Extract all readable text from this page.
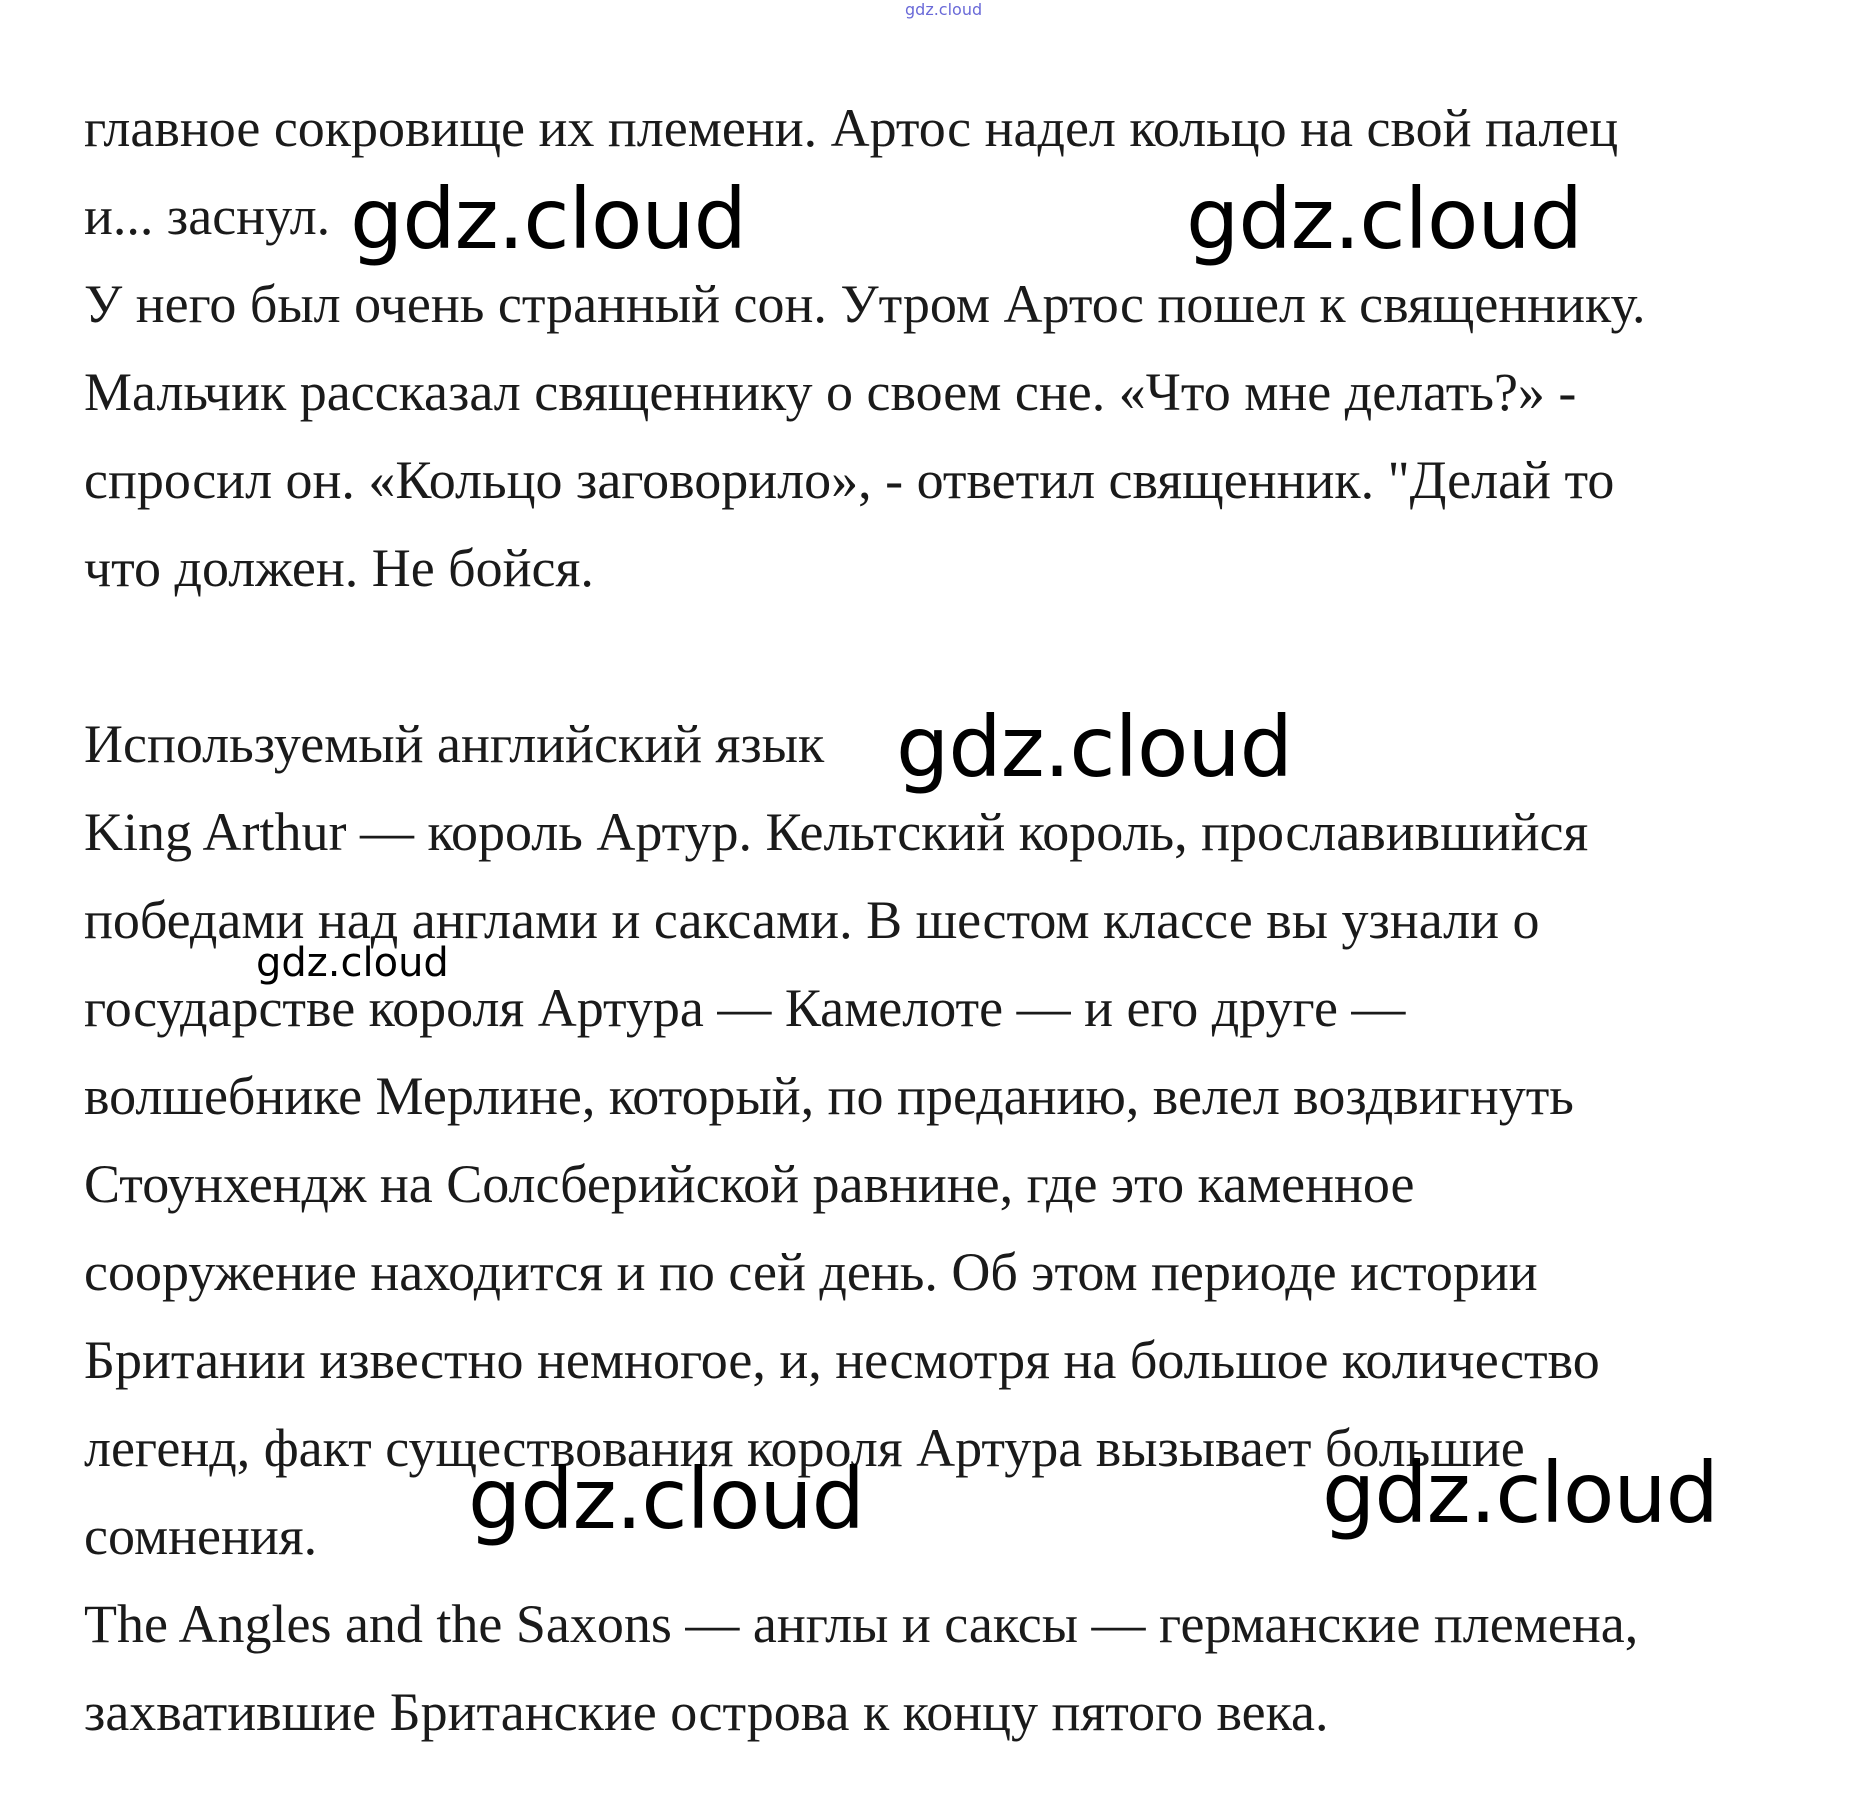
gdz.cloud
главное сокровище их племени. Артос надел кольцо на свой палец
и... заснул.
У него был очень странный сон. Утром Артос пошел к священнику.
Мальчик рассказал священнику о своем сне. «Что мне делать?» -
спросил он. «Кольцо заговорило», - ответил священник. "Делай то
что должен. Не бойся.
Используемый английский язык
King Arthur — король Артур. Кельтский король, прославившийся
победами над англами и саксами. В шестом классе вы узнали о
государстве короля Артура — Камелоте — и его друге —
волшебнике Мерлине, который, по преданию, велел воздвигнуть
Стоунхендж на Солсберийской равнине, где это каменное
сооружение находится и по сей день. Об этом периоде истории
Британии известно немногое, и, несмотря на большое количество
легенд, факт существования короля Артура вызывает большие
сомнения.
The Angles and the Saxons — англы и саксы — германские племена,
захватившие Британские острова к концу пятого века.
gdz.cloud	gdz.cloud
gdz.cloud
gdz.cloud
gdz.cloud	gdz.cloud
